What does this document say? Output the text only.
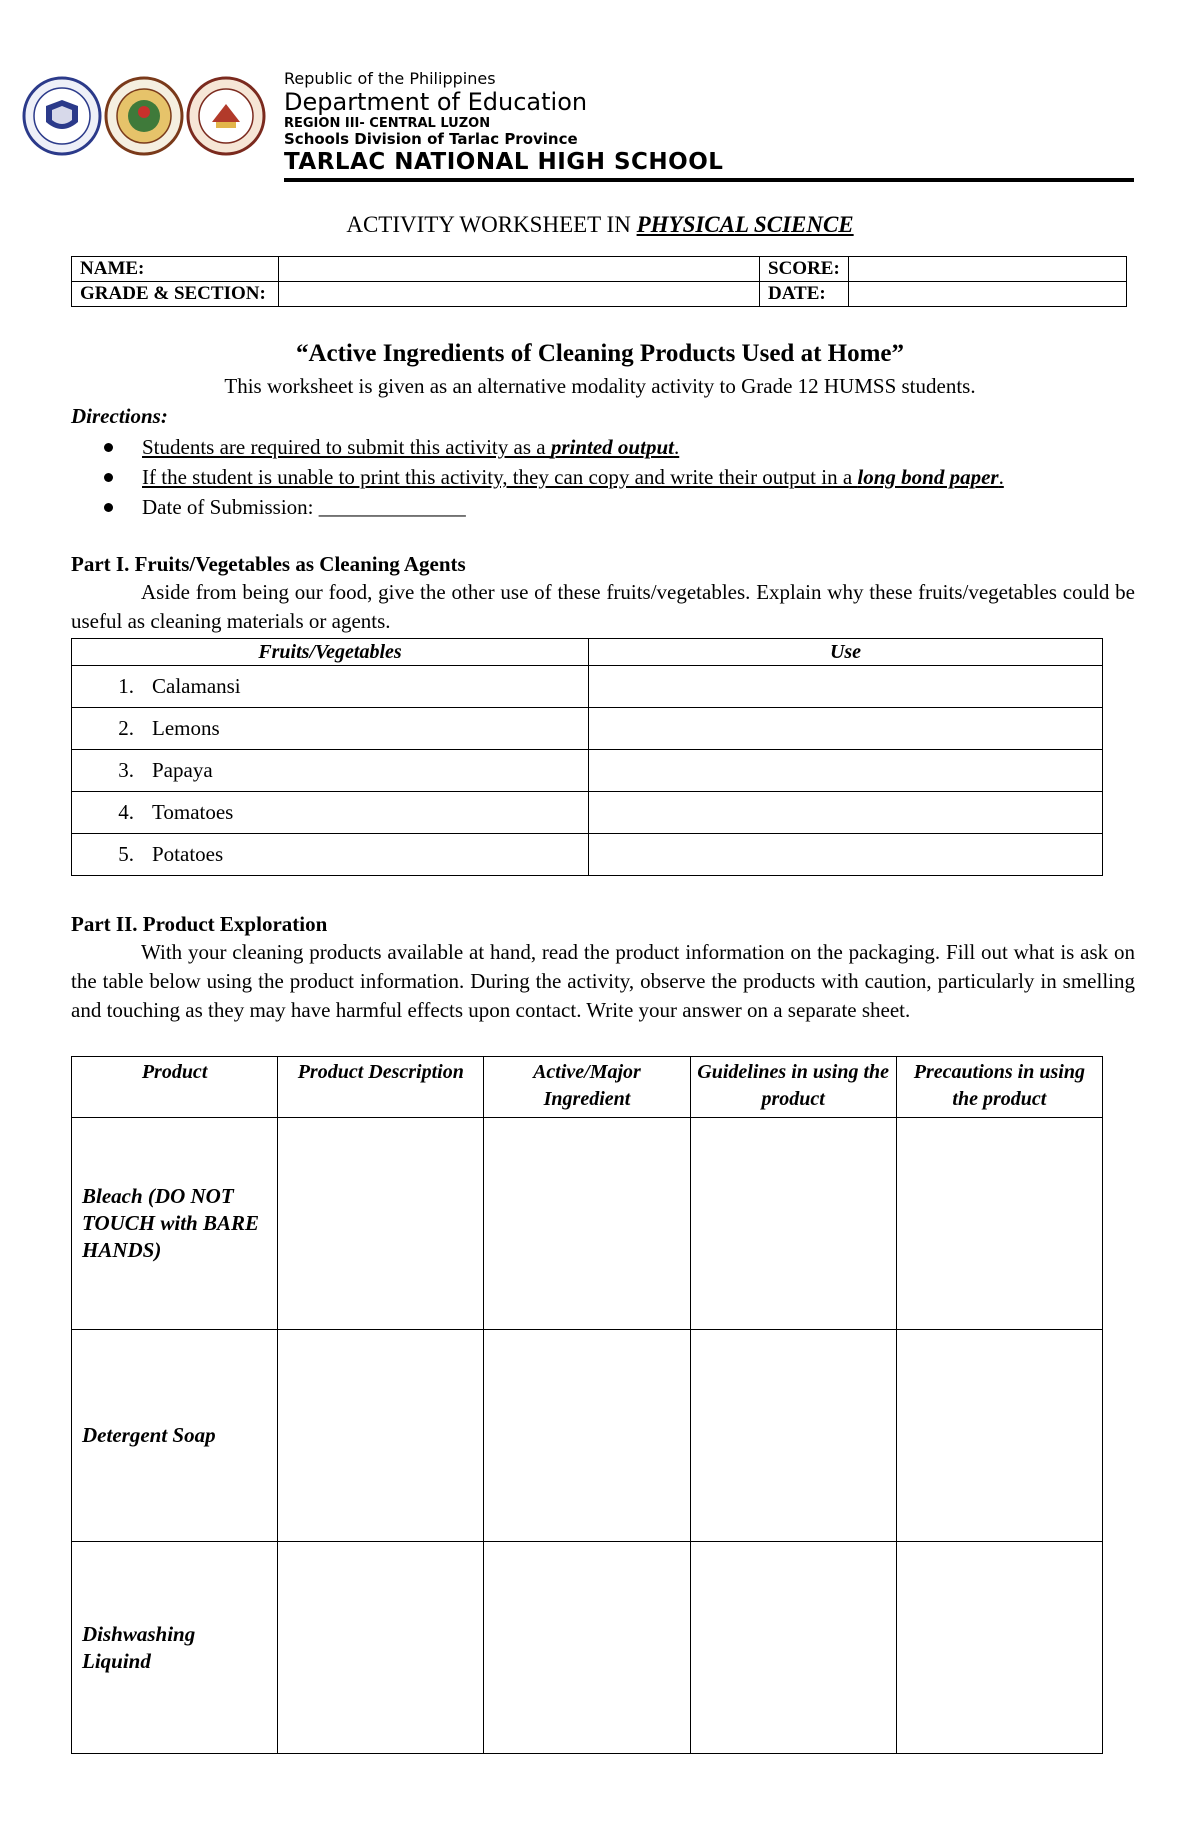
Republic of the Philippines
Department of Education
REGION III- CENTRAL LUZON
Schools Division of Tarlac Province
TARLAC NATIONAL HIGH SCHOOL
ACTIVITY WORKSHEET IN PHYSICAL SCIENCE
NAME:		SCORE:	
GRADE & SECTION:		DATE:	
“Active Ingredients of Cleaning Products Used at Home”
This worksheet is given as an alternative modality activity to Grade 12 HUMSS students.
Directions:
Students are required to submit this activity as a printed output.
If the student is unable to print this activity, they can copy and write their output in a long bond paper.
Date of Submission: ______________
Part I. Fruits/Vegetables as Cleaning Agents
Aside from being our food, give the other use of these fruits/vegetables. Explain why these fruits/vegetables could be useful as cleaning materials or agents.
Fruits/Vegetables	Use
1. Calamansi	
2. Lemons	
3. Papaya	
4. Tomatoes	
5. Potatoes	
Part II. Product Exploration
With your cleaning products available at hand, read the product information on the packaging. Fill out what is ask on the table below using the product information. During the activity, observe the products with caution, particularly in smelling and touching as they may have harmful effects upon contact. Write your answer on a separate sheet.
Product	Product Description	Active/Major Ingredient	Guidelines in using the product	Precautions in using the product
Bleach (DO NOT TOUCH with BARE HANDS)				
Detergent Soap				
Dishwashing Liquind				
